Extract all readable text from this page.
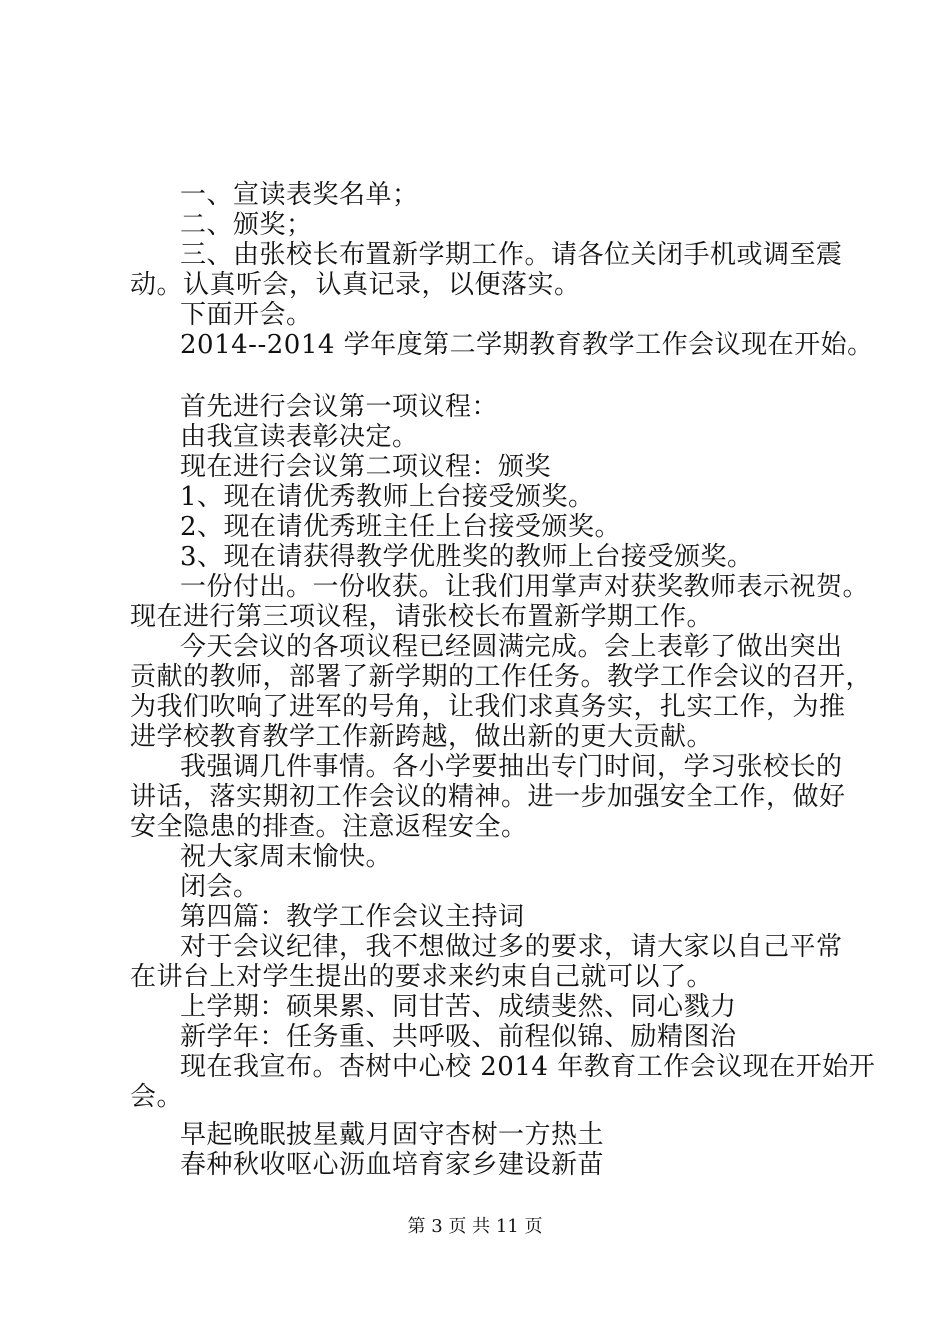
一、宣读表奖名单；
二、颁奖；
三、由张校长布置新学期工作。请各位关闭手机或调至震
动。认真听会，认真记录，以便落实。
下面开会。
2014--2014 学年度第二学期教育教学工作会议现在开始。
首先进行会议第一项议程：
由我宣读表彰决定。
现在进行会议第二项议程：颁奖
1、现在请优秀教师上台接受颁奖。
2、现在请优秀班主任上台接受颁奖。
3、现在请获得教学优胜奖的教师上台接受颁奖。
一份付出。一份收获。让我们用掌声对获奖教师表示祝贺。
现在进行第三项议程，请张校长布置新学期工作。
今天会议的各项议程已经圆满完成。会上表彰了做出突出
贡献的教师，部署了新学期的工作任务。教学工作会议的召开，
为我们吹响了进军的号角，让我们求真务实，扎实工作，为推
进学校教育教学工作新跨越，做出新的更大贡献。
我强调几件事情。各小学要抽出专门时间，学习张校长的
讲话，落实期初工作会议的精神。进一步加强安全工作，做好
安全隐患的排查。注意返程安全。
祝大家周末愉快。
闭会。
第四篇：教学工作会议主持词
对于会议纪律，我不想做过多的要求，请大家以自己平常
在讲台上对学生提出的要求来约束自己就可以了。
上学期：硕果累、同甘苦、成绩斐然、同心戮力
新学年：任务重、共呼吸、前程似锦、励精图治
现在我宣布。杏树中心校 2014 年教育工作会议现在开始开
会。
早起晚眠披星戴月固守杏树一方热土
春种秋收呕心沥血培育家乡建设新苗
第 3 页 共 11 页
